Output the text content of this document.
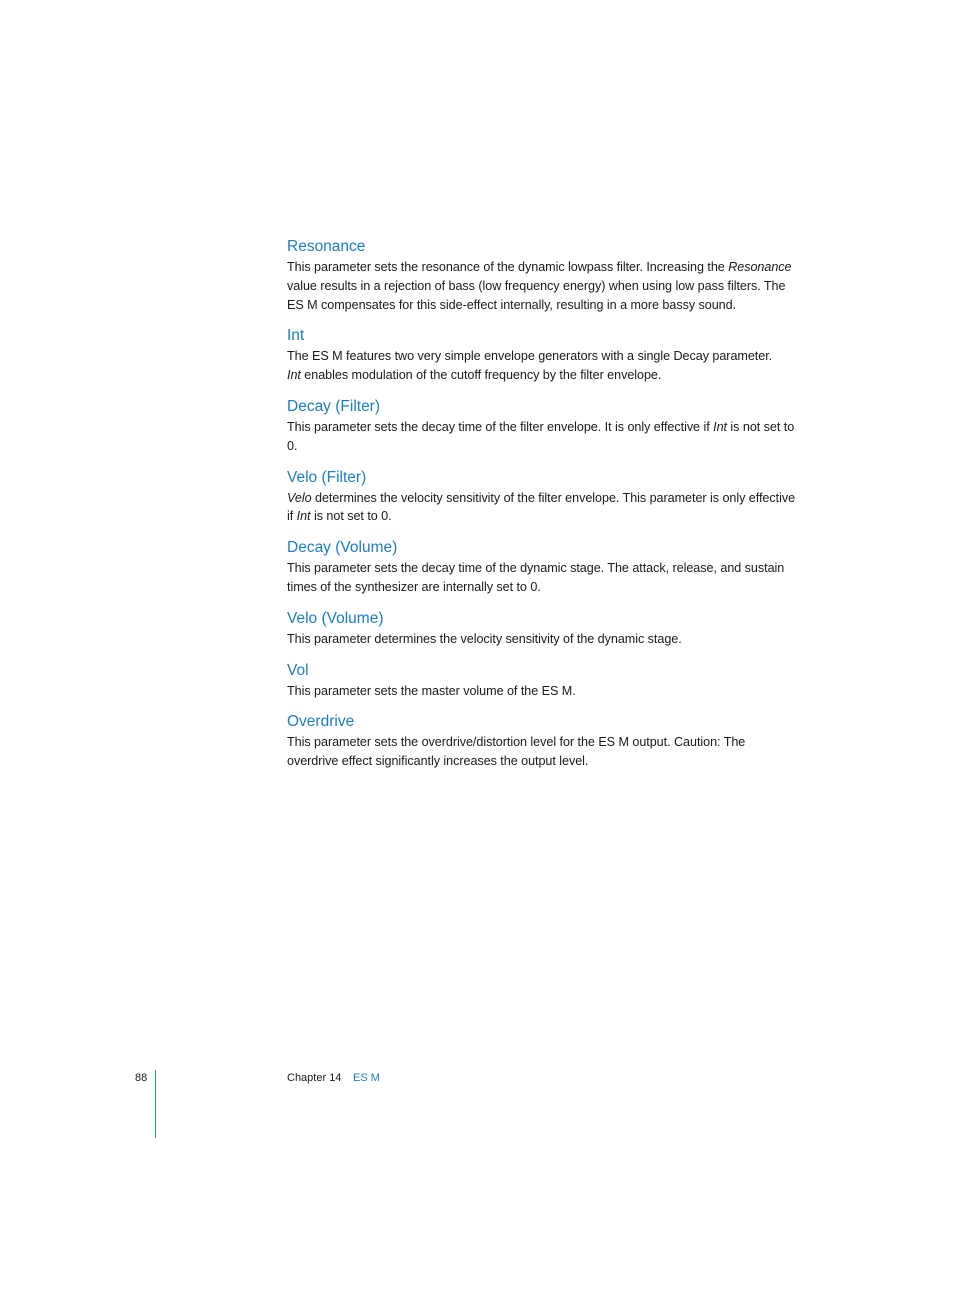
Resonance

This parameter sets the resonance of the dynamic lowpass filter. Increasing the Resonance value results in a rejection of bass (low frequency energy) when using low pass filters. The ES M compensates for this side-effect internally, resulting in a more bassy sound.

Int

The ES M features two very simple envelope generators with a single Decay parameter.
Int enables modulation of the cutoff frequency by the filter envelope.

Decay (Filter)

This parameter sets the decay time of the filter envelope. It is only effective if Int is not set to 0.

Velo (Filter)

Velo determines the velocity sensitivity of the filter envelope. This parameter is only effective if Int is not set to 0.

Decay (Volume)

This parameter sets the decay time of the dynamic stage. The attack, release, and sustain times of the synthesizer are internally set to 0.

Velo (Volume)

This parameter determines the velocity sensitivity of the dynamic stage.

Vol

This parameter sets the master volume of the ES M.

Overdrive

This parameter sets the overdrive/distortion level for the ES M output. Caution: The overdrive effect significantly increases the output level.

88	Chapter 14 ES M
